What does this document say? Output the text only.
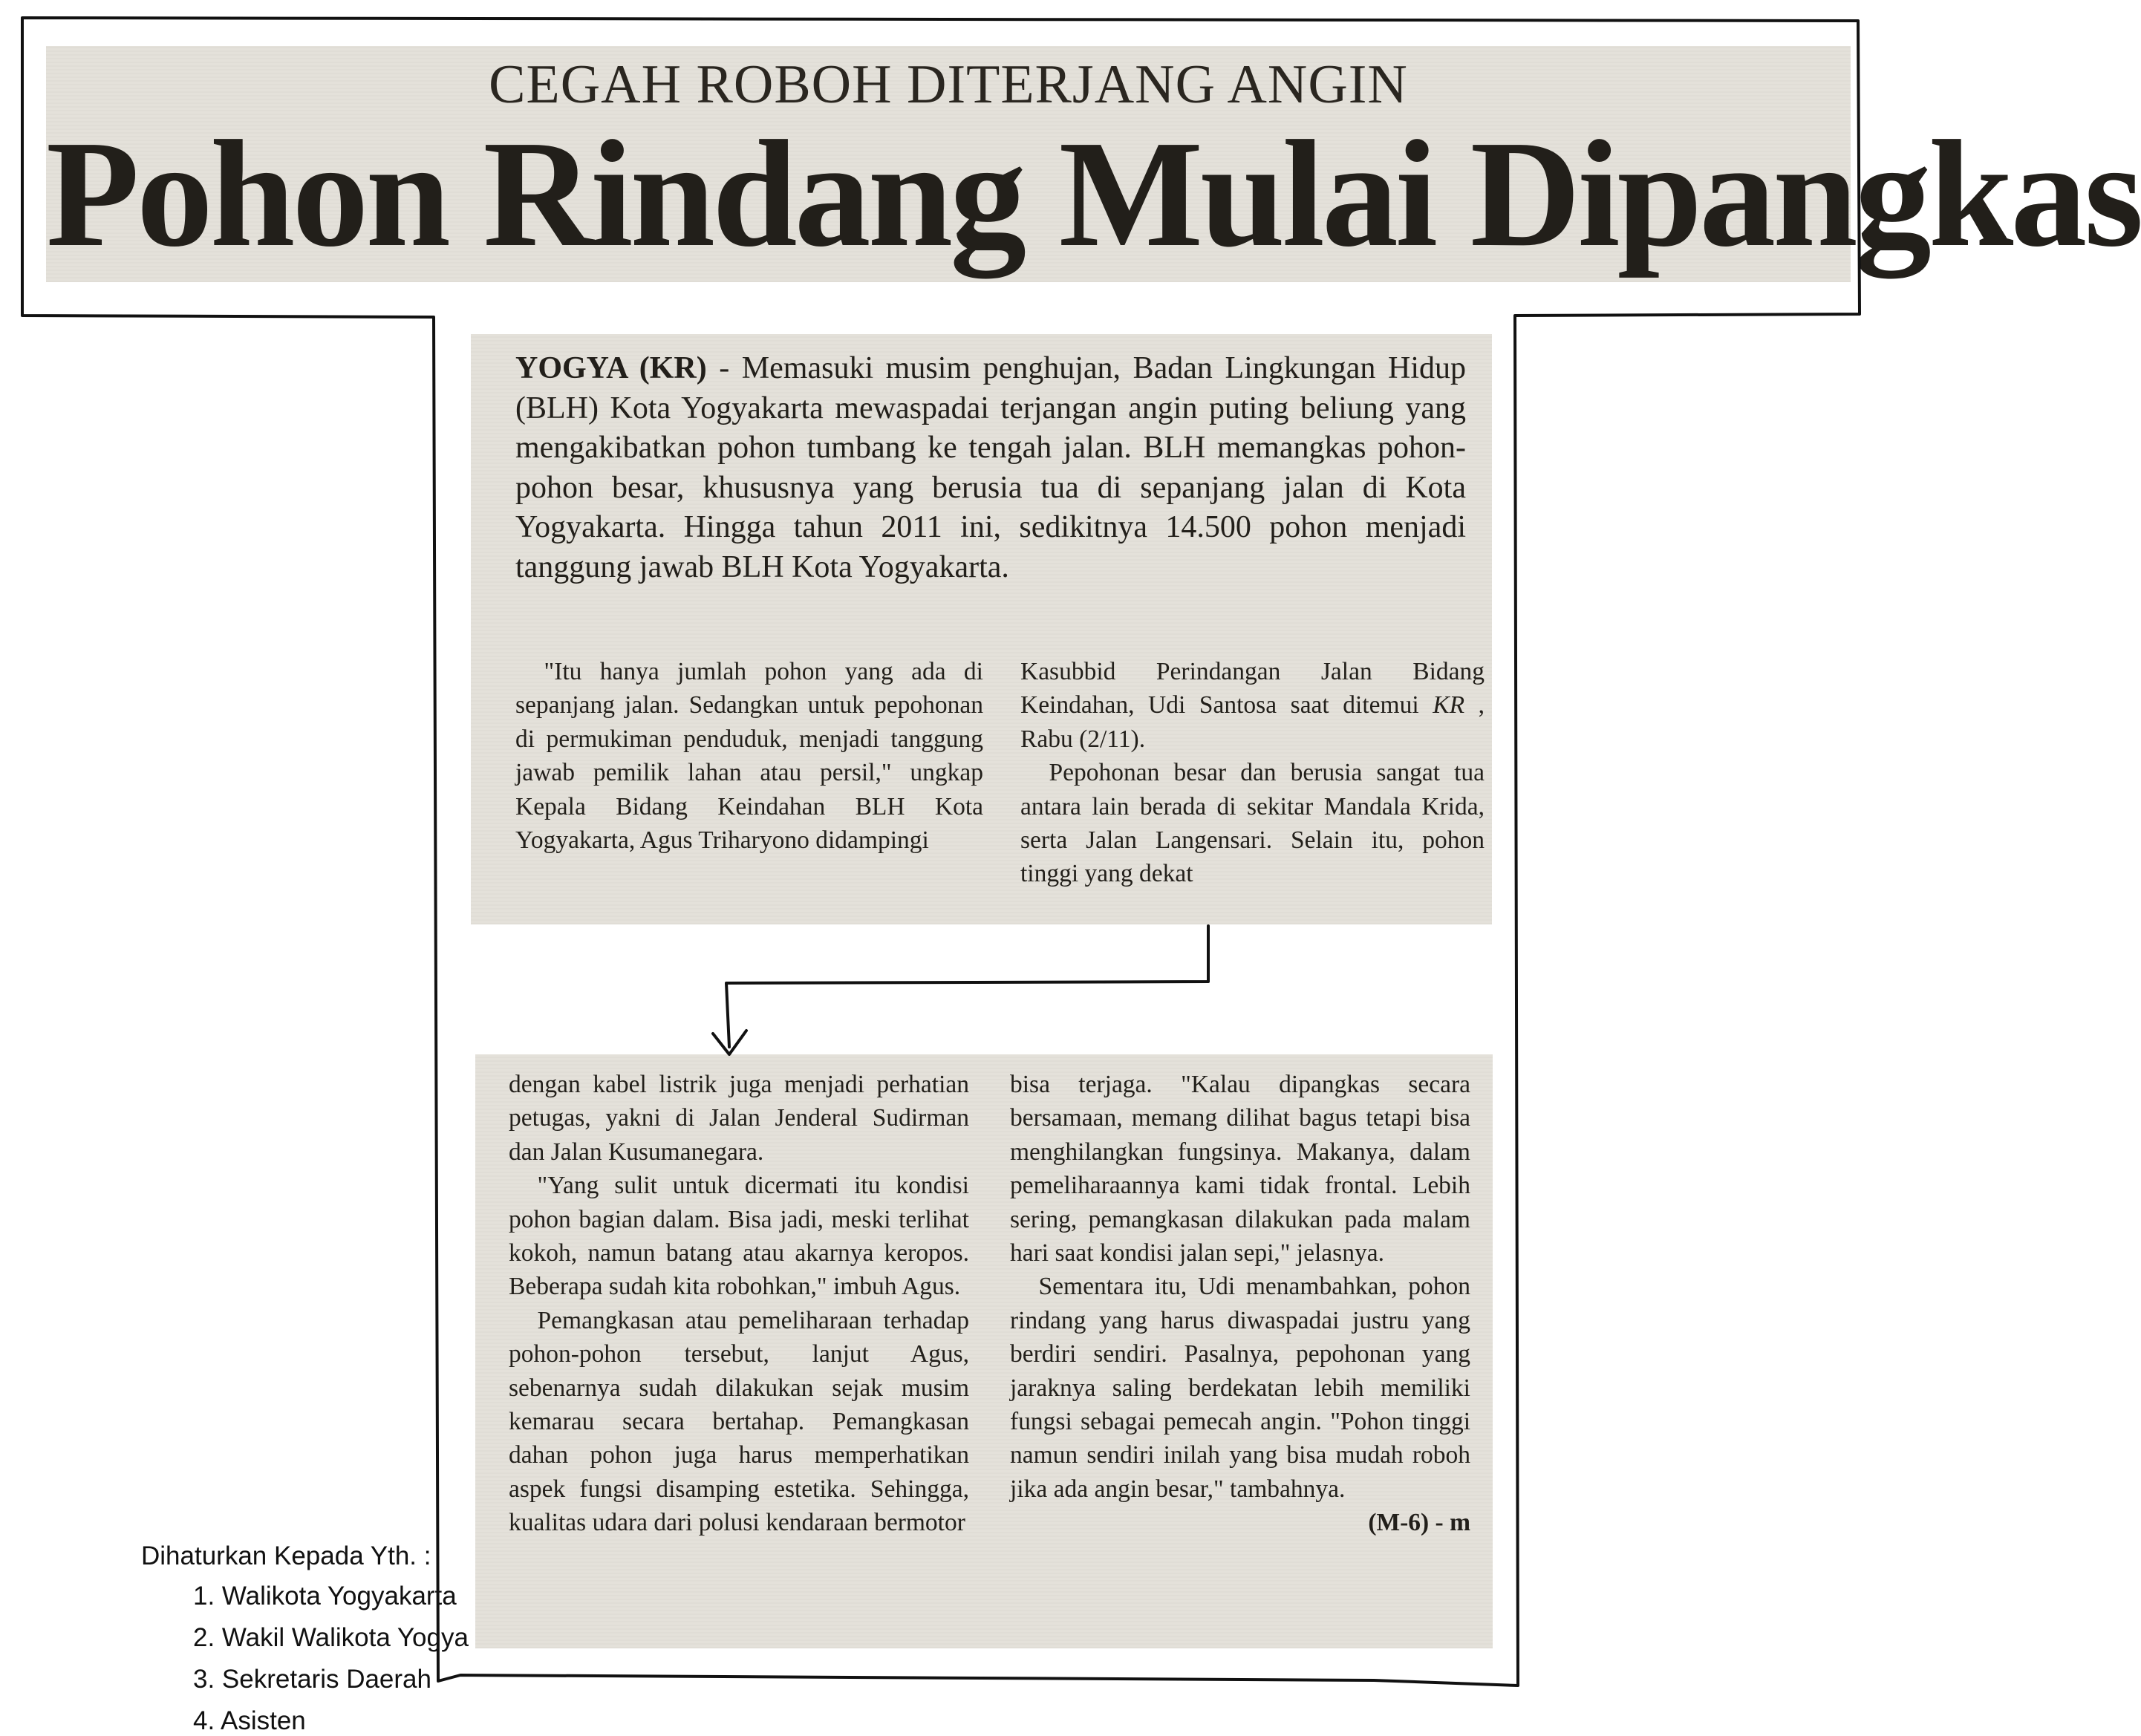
CEGAH ROBOH DITERJANG ANGIN
Pohon Rindang Mulai Dipangkas
YOGYA (KR) - Memasuki musim penghujan, Badan Lingkungan Hidup (BLH) Kota Yogyakarta mewaspadai terjangan angin puting beliung yang mengakibatkan pohon tumbang ke tengah jalan. BLH memangkas pohon-pohon besar, khususnya yang berusia tua di sepanjang jalan di Kota Yogyakarta. Hingga tahun 2011 ini, sedikitnya 14.500 pohon menjadi tanggung jawab BLH Kota Yogyakarta.

"Itu hanya jumlah pohon yang ada di sepanjang jalan. Sedangkan untuk pepohonan di permukiman penduduk, menjadi tanggung jawab pemilik lahan atau persil," ungkap Kepala Bidang Keindahan BLH Kota Yogyakarta, Agus Triharyono didampingi

Kasubbid Perindangan Jalan Bidang Keindahan, Udi Santosa saat ditemui KR , Rabu (2/11).

Pepohonan besar dan berusia sangat tua antara lain berada di sekitar Mandala Krida, serta Jalan Langensari. Selain itu, pohon tinggi yang dekat

dengan kabel listrik juga menjadi perhatian petugas, yakni di Jalan Jenderal Sudirman dan Jalan Kusumanegara.

"Yang sulit untuk dicermati itu kondisi pohon bagian dalam. Bisa jadi, meski terlihat kokoh, namun batang atau akarnya keropos. Beberapa sudah kita robohkan," imbuh Agus.

Pemangkasan atau pemeliharaan terhadap pohon-pohon tersebut, lanjut Agus, sebenarnya sudah dilakukan sejak musim kemarau secara bertahap. Pemangkasan dahan pohon juga harus memperhatikan aspek fungsi disamping estetika. Sehingga, kualitas udara dari polusi kendaraan bermotor

bisa terjaga. "Kalau dipangkas secara bersamaan, memang dilihat bagus tetapi bisa menghilangkan fungsinya. Makanya, dalam pemeliharaannya kami tidak frontal. Lebih sering, pemangkasan dilakukan pada malam hari saat kondisi jalan sepi," jelasnya.

Sementara itu, Udi menambahkan, pohon rindang yang harus diwaspadai justru yang berdiri sendiri. Pasalnya, pepohonan yang jaraknya saling berdekatan lebih memiliki fungsi sebagai pemecah angin. "Pohon tinggi namun sendiri inilah yang bisa mudah roboh jika ada angin besar," tambahnya.
(M-6) - m

Dihaturkan Kepada Yth. :
1. Walikota Yogyakarta
2. Wakil Walikota Yogya
3. Sekretaris Daerah
4. Asisten
